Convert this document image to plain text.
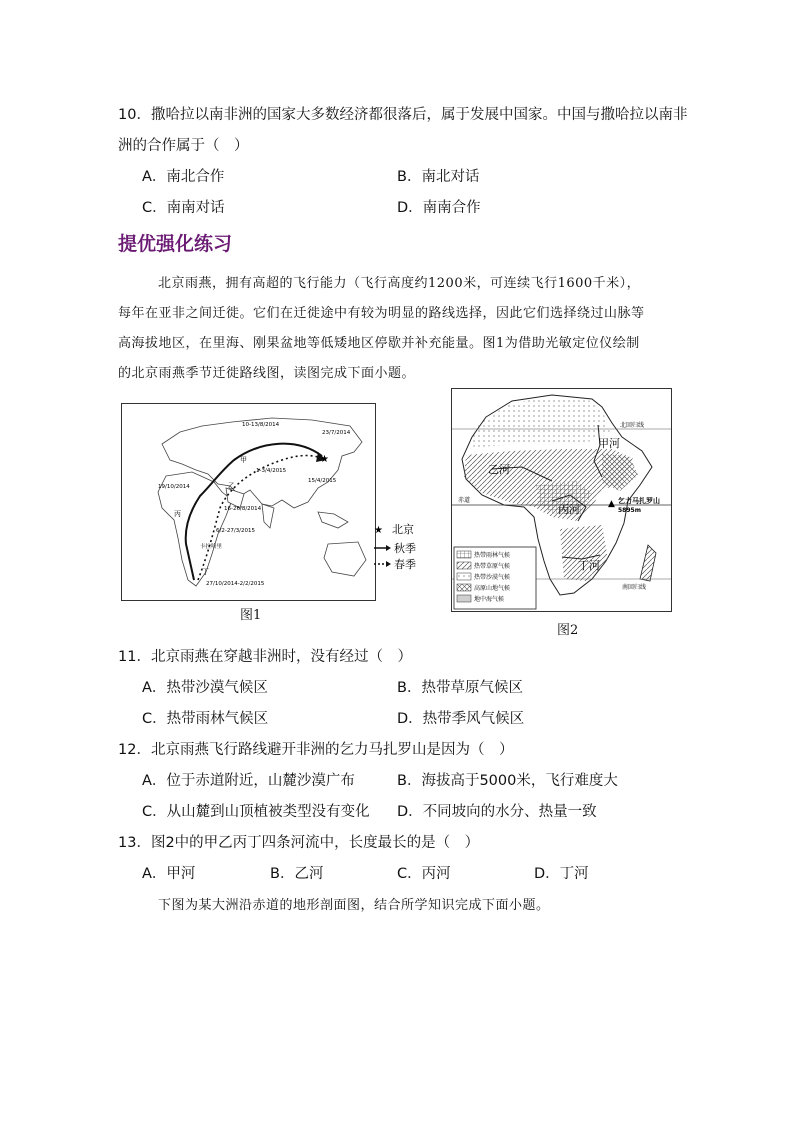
10．撒哈拉以南非洲的国家大多数经济都很落后，属于发展中国家。中国与撒哈拉以南非
洲的合作属于（　）
A．南北合作	B．南北对话
C．南南对话	D．南南合作
提优强化练习
北京雨燕，拥有高超的飞行能力（飞行高度约1200米，可连续飞行1600千米），
每年在亚非之间迁徙。它们在迁徙途中有较为明显的路线选择，因此它们选择绕过山脉等
高海拔地区，在里海、刚果盆地等低矮地区停歇并补充能量。图1为借助光敏定位仪绘制
的北京雨燕季节迁徙路线图，读图完成下面小题。
★
10-13/8/2014
23/7/2014
1-3/4/2015
19/10/2014
15/4/2015
16-26/8/2014
6/2-27/3/2015
27/10/2014-2/2/2015
甲
乙
丙
丁
卡拉哈里
★ 北京
秋季
春季
图1
北回归线
赤道
南回归线
甲河
乙河
丙河
丁河
▲ 乞力马扎罗山
5895m
热带雨林气候
热带草原气候
热带沙漠气候
高原山地气候
地中海气候
图2
11．北京雨燕在穿越非洲时，没有经过（　）
A．热带沙漠气候区	B．热带草原气候区
C．热带雨林气候区	D．热带季风气候区
12．北京雨燕飞行路线避开非洲的乞力马扎罗山是因为（　）
A．位于赤道附近，山麓沙漠广布	B．海拔高于5000米，飞行难度大
C．从山麓到山顶植被类型没有变化 D．不同坡向的水分、热量一致
13．图2中的甲乙丙丁四条河流中，长度最长的是（　）
A．甲河	B．乙河	C．丙河	D．丁河
下图为某大洲沿赤道的地形剖面图，结合所学知识完成下面小题。
